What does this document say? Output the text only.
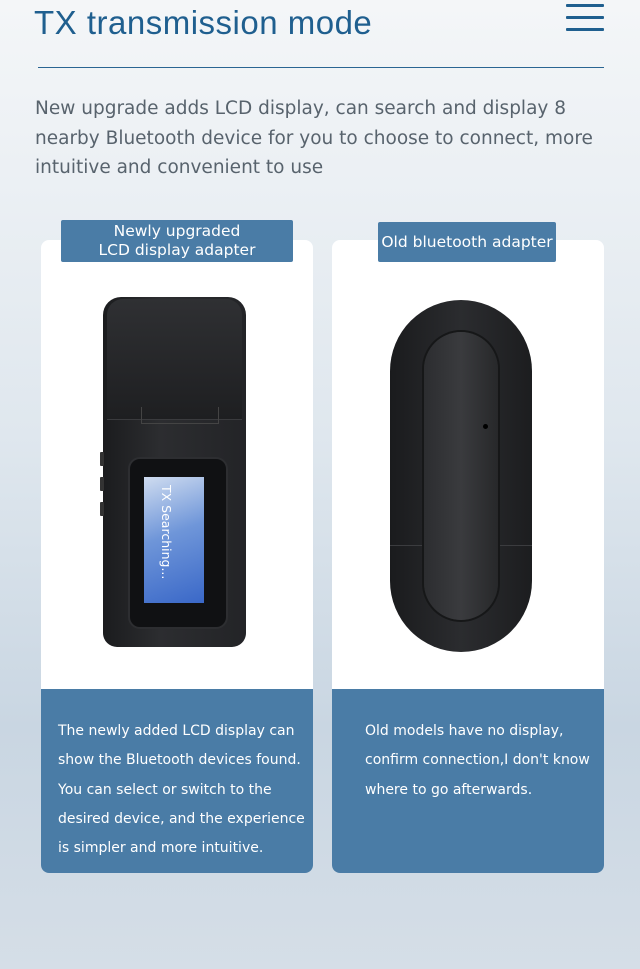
TX transmission mode
New upgrade adds LCD display, can search and display 8 nearby Bluetooth device for you to choose to connect, more intuitive and convenient to use
The newly added LCD display can show the Bluetooth devices found. You can select or switch to the desired device, and the experience is simpler and more intuitive.
Newly upgraded
LCD display adapter
TX Searching...
Old models have no display, confirm connection,I don't know where to go afterwards.
Old bluetooth adapter
